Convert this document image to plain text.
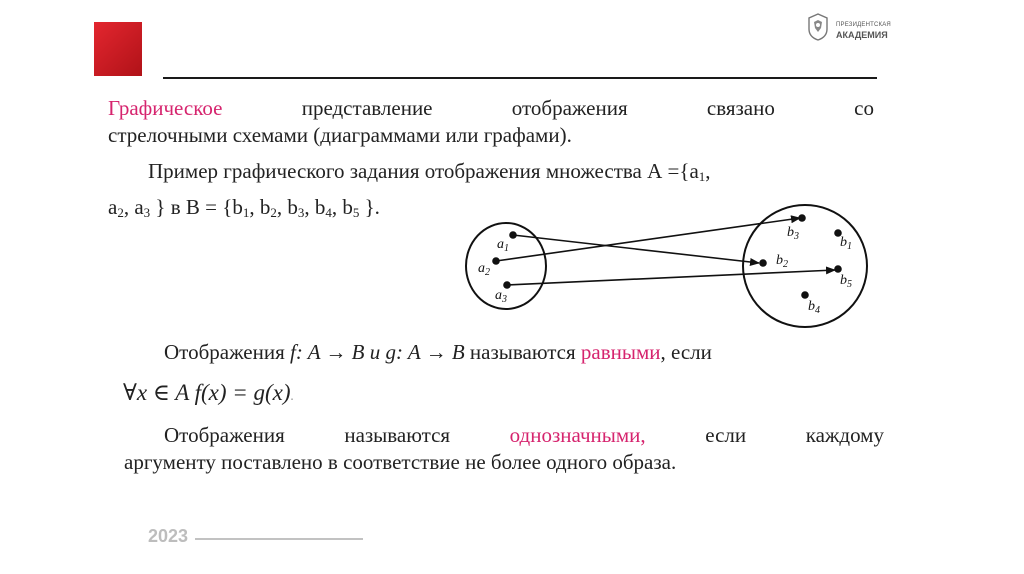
ПРЕЗИДЕНТСКАЯ
АКАДЕМИЯ
Графическое	представление	отображения	связано	со
стрелочными схемами (диаграммами или графами).
Пример графического задания отображения множества $А =\{а_1$,
$а_2$, $а_3$ } в $В = \{b_1$, $b_2$, $b_3$, $b_4$, $b_5$ }.
$a_1$
$a_2$
$a_3$
$b_3$	$b_1$
$b_2$
$b_5$
$b_4$
Отображения f: A → B и g: A → B называются равными, если
∀x ∈ A f(x) = g(x).
Отображения	называются	однозначными,	если	каждому
аргументу поставлено в соответствие не более одного образа.
2023
